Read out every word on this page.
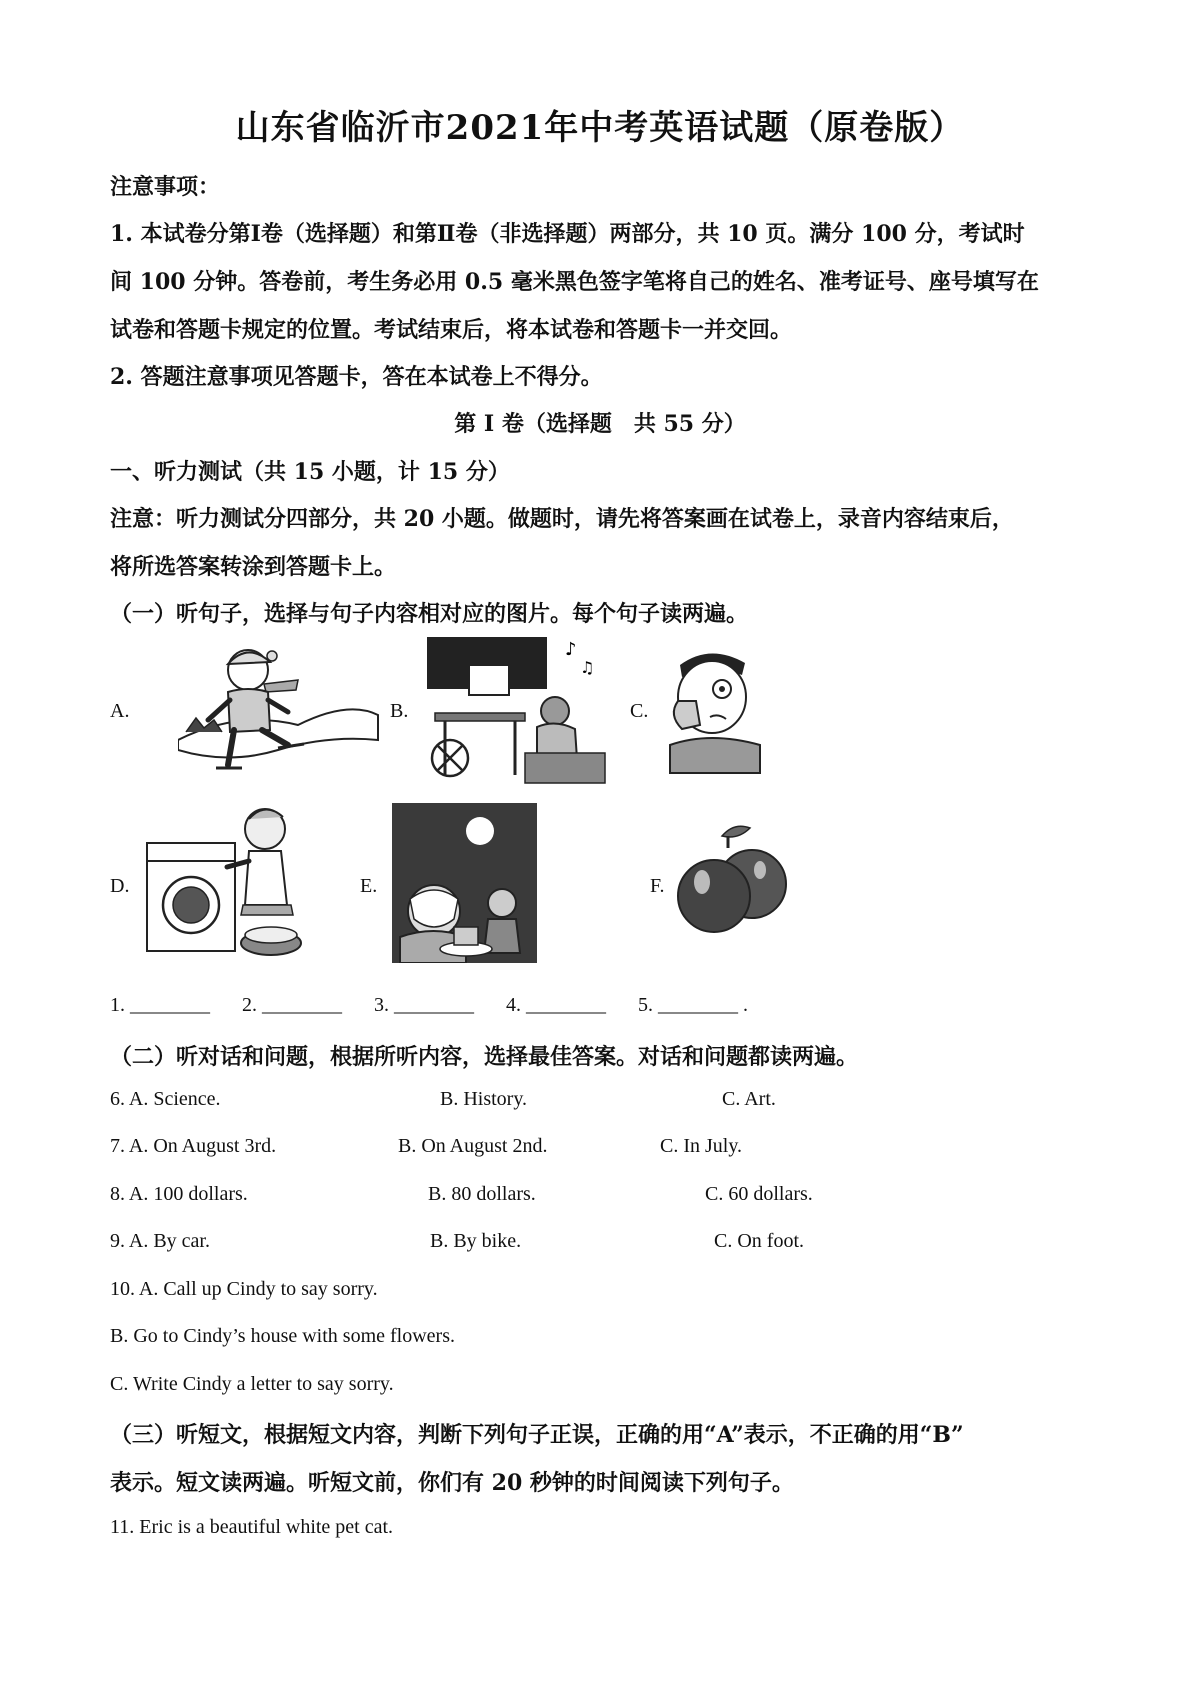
山东省临沂市2021年中考英语试题（原卷版）
注意事项：
1. 本试卷分第Ⅰ卷（选择题）和第Ⅱ卷（非选择题）两部分，共 10 页。满分 100 分，考试时
间 100 分钟。答卷前，考生务必用 0.5 毫米黑色签字笔将自己的姓名、准考证号、座号填写在
试卷和答题卡规定的位置。考试结束后，将本试卷和答题卡一并交回。
2. 答题注意事项见答题卡，答在本试卷上不得分。
第 I 卷（选择题　共 55 分）
一、听力测试（共 15 小题，计 15 分）
注意：听力测试分四部分，共 20 小题。做题时，请先将答案画在试卷上，录音内容结束后，
将所选答案转涂到答题卡上。
（一）听句子，选择与句子内容相对应的图片。每个句子读两遍。
A.	B.	C.
D.	E.	F.
♪
♫
1. ________ 2. ________ 3. ________ 4. ________ 5. ________ .
（二）听对话和问题，根据所听内容，选择最佳答案。对话和问题都读两遍。
6. A. Science.	B. History.	C. Art.
7. A. On August 3rd.	B. On August 2nd.	C. In July.
8. A. 100 dollars.	B. 80 dollars.	C. 60 dollars.
9. A. By car.	B. By bike.	C. On foot.
10. A. Call up Cindy to say sorry.
B. Go to Cindy’s house with some flowers.
C. Write Cindy a letter to say sorry.
（三）听短文，根据短文内容，判断下列句子正误，正确的用“A”表示，不正确的用“B”
表示。短文读两遍。听短文前，你们有 20 秒钟的时间阅读下列句子。
11. Eric is a beautiful white pet cat.
